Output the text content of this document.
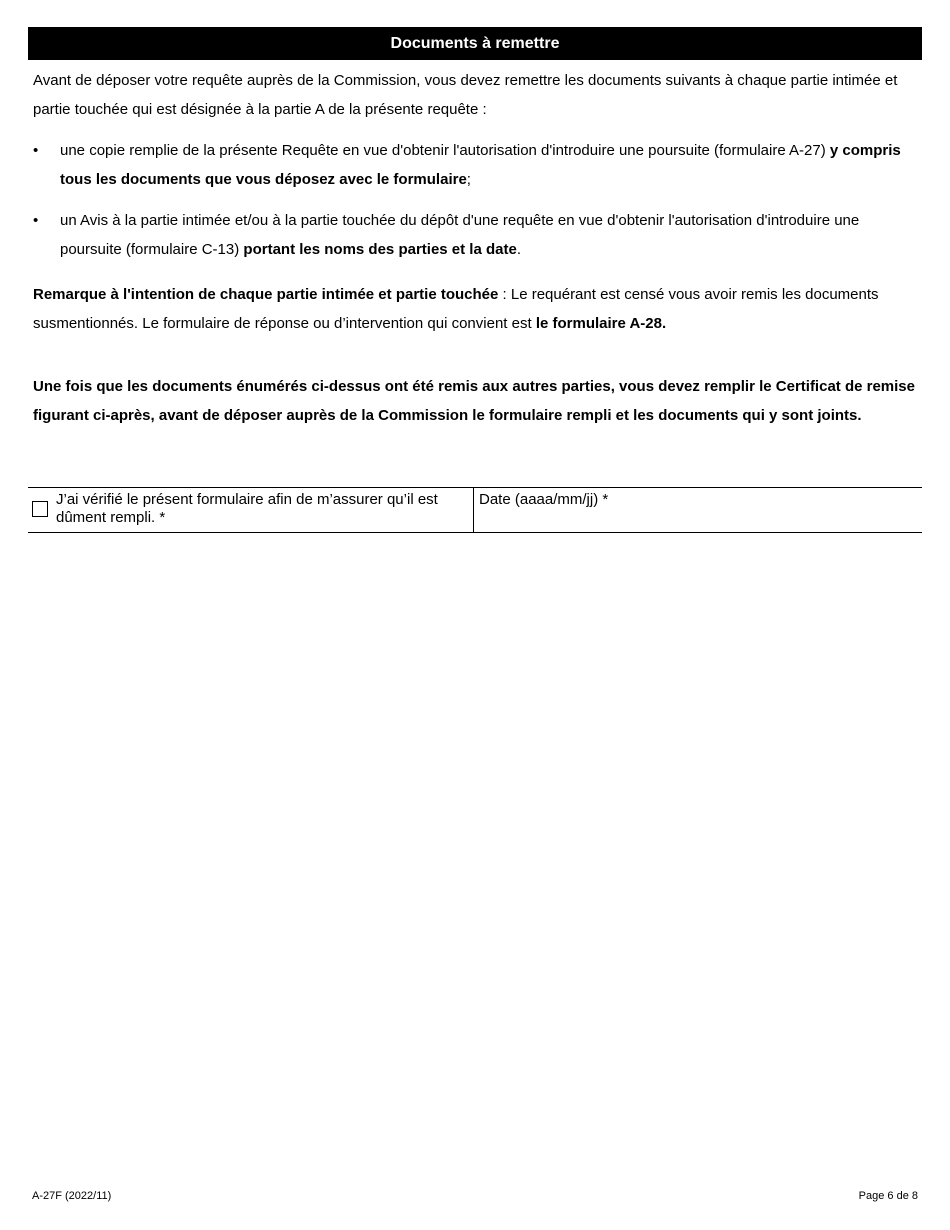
Documents à remettre

Avant de déposer votre requête auprès de la Commission, vous devez remettre les documents suivants à chaque partie intimée et partie touchée qui est désignée à la partie A de la présente requête :

• une copie remplie de la présente Requête en vue d'obtenir l'autorisation d'introduire une poursuite (formulaire A-27) y compris tous les documents que vous déposez avec le formulaire;
• un Avis à la partie intimée et/ou à la partie touchée du dépôt d'une requête en vue d'obtenir l'autorisation d'introduire une poursuite (formulaire C-13) portant les noms des parties et la date.

Remarque à l'intention de chaque partie intimée et partie touchée : Le requérant est censé vous avoir remis les documents susmentionnés. Le formulaire de réponse ou d’intervention qui convient est le formulaire A-28.

Une fois que les documents énumérés ci-dessus ont été remis aux autres parties, vous devez remplir le Certificat de remise figurant ci-après, avant de déposer auprès de la Commission le formulaire rempli et les documents qui y sont joints.

J’ai vérifié le présent formulaire afin de m’assurer qu’il est dûment rempli. *
Date (aaaa/mm/jj) *
A-27F (2022/11)	Page 6 de 8
